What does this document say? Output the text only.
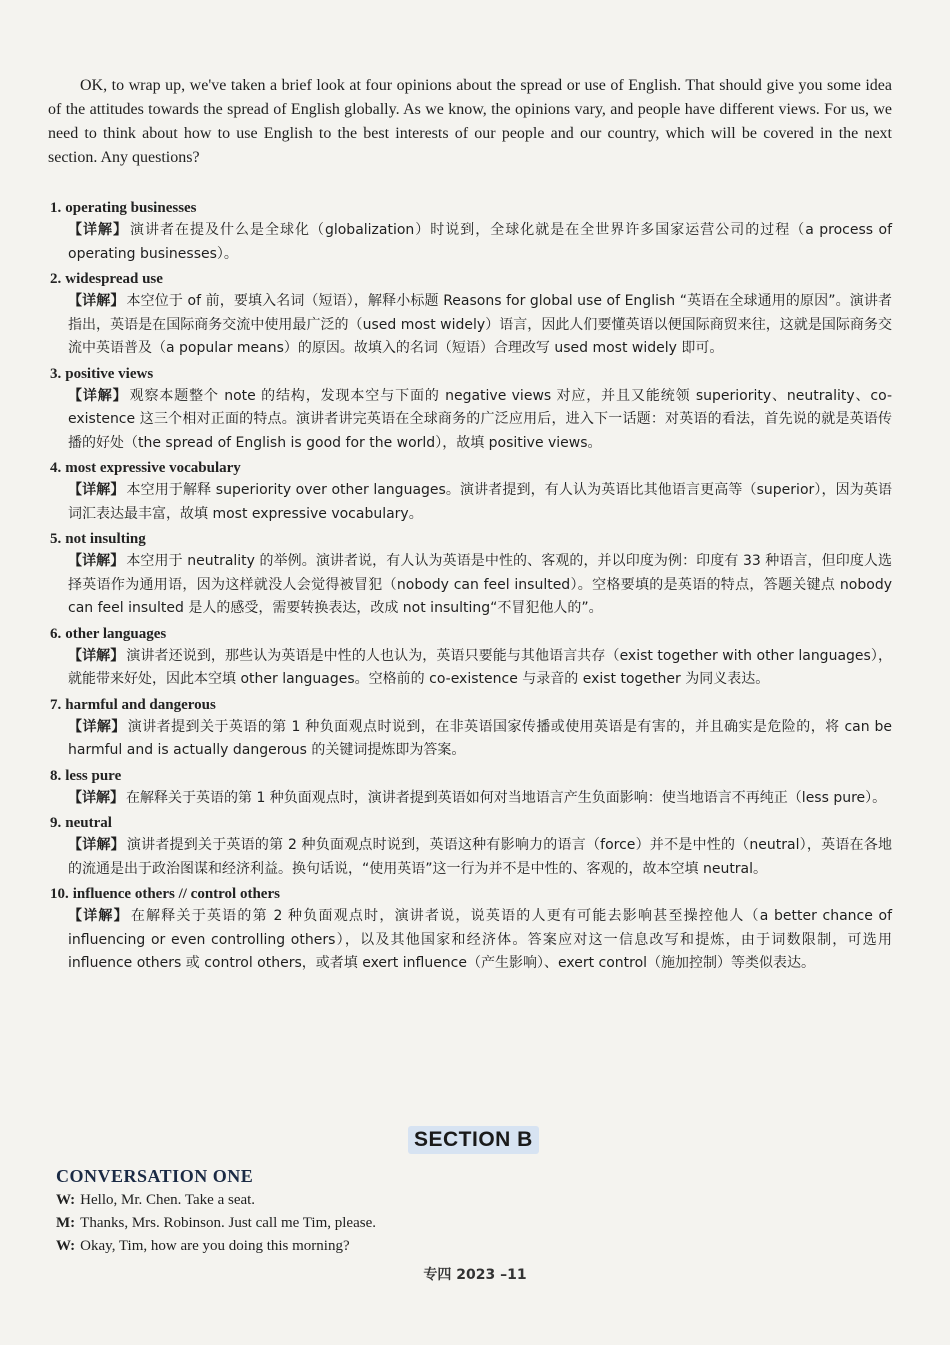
OK, to wrap up, we've taken a brief look at four opinions about the spread or use of English. That should give you some idea of the attitudes towards the spread of English globally. As we know, the opinions vary, and people have different views. For us, we need to think about how to use English to the best interests of our people and our country, which will be covered in the next section. Any questions?

1. operating businesses
【详解】 演讲者在提及什么是全球化（globalization）时说到，全球化就是在全世界许多国家运营公司的过程（a process of operating businesses）。
2. widespread use
【详解】 本空位于 of 前，要填入名词（短语），解释小标题 Reasons for global use of English “英语在全球通用的原因”。演讲者指出，英语是在国际商务交流中使用最广泛的（used most widely）语言，因此人们要懂英语以便国际商贸来往，这就是国际商务交流中英语普及（a popular means）的原因。故填入的名词（短语）合理改写 used most widely 即可。
3. positive views
【详解】 观察本题整个 note 的结构，发现本空与下面的 negative views 对应，并且又能统领 superiority、neutrality、co-existence 这三个相对正面的特点。演讲者讲完英语在全球商务的广泛应用后，进入下一话题：对英语的看法，首先说的就是英语传播的好处（the spread of English is good for the world），故填 positive views。
4. most expressive vocabulary
【详解】 本空用于解释 superiority over other languages。演讲者提到，有人认为英语比其他语言更高等（superior），因为英语词汇表达最丰富，故填 most expressive vocabulary。
5. not insulting
【详解】 本空用于 neutrality 的举例。演讲者说，有人认为英语是中性的、客观的，并以印度为例：印度有 33 种语言，但印度人选择英语作为通用语，因为这样就没人会觉得被冒犯（nobody can feel insulted）。空格要填的是英语的特点，答题关键点 nobody can feel insulted 是人的感受，需要转换表达，改成 not insulting“不冒犯他人的”。
6. other languages
【详解】 演讲者还说到，那些认为英语是中性的人也认为，英语只要能与其他语言共存（exist together with other languages），就能带来好处，因此本空填 other languages。空格前的 co-existence 与录音的 exist together 为同义表达。
7. harmful and dangerous
【详解】 演讲者提到关于英语的第 1 种负面观点时说到，在非英语国家传播或使用英语是有害的，并且确实是危险的，将 can be harmful and is actually dangerous 的关键词提炼即为答案。
8. less pure
【详解】 在解释关于英语的第 1 种负面观点时，演讲者提到英语如何对当地语言产生负面影响：使当地语言不再纯正（less pure）。
9. neutral
【详解】 演讲者提到关于英语的第 2 种负面观点时说到，英语这种有影响力的语言（force）并不是中性的（neutral），英语在各地的流通是出于政治图谋和经济利益。换句话说，“使用英语”这一行为并不是中性的、客观的，故本空填 neutral。
10. influence others // control others
【详解】 在解释关于英语的第 2 种负面观点时，演讲者说，说英语的人更有可能去影响甚至操控他人（a better chance of influencing or even controlling others），以及其他国家和经济体。答案应对这一信息改写和提炼，由于词数限制，可选用 influence others 或 control others，或者填 exert influence（产生影响）、exert control（施加控制）等类似表达。
SECTION B
CONVERSATION ONE
W: Hello, Mr. Chen. Take a seat.
M: Thanks, Mrs. Robinson. Just call me Tim, please.
W: Okay, Tim, how are you doing this morning?
专四 2023 –11
